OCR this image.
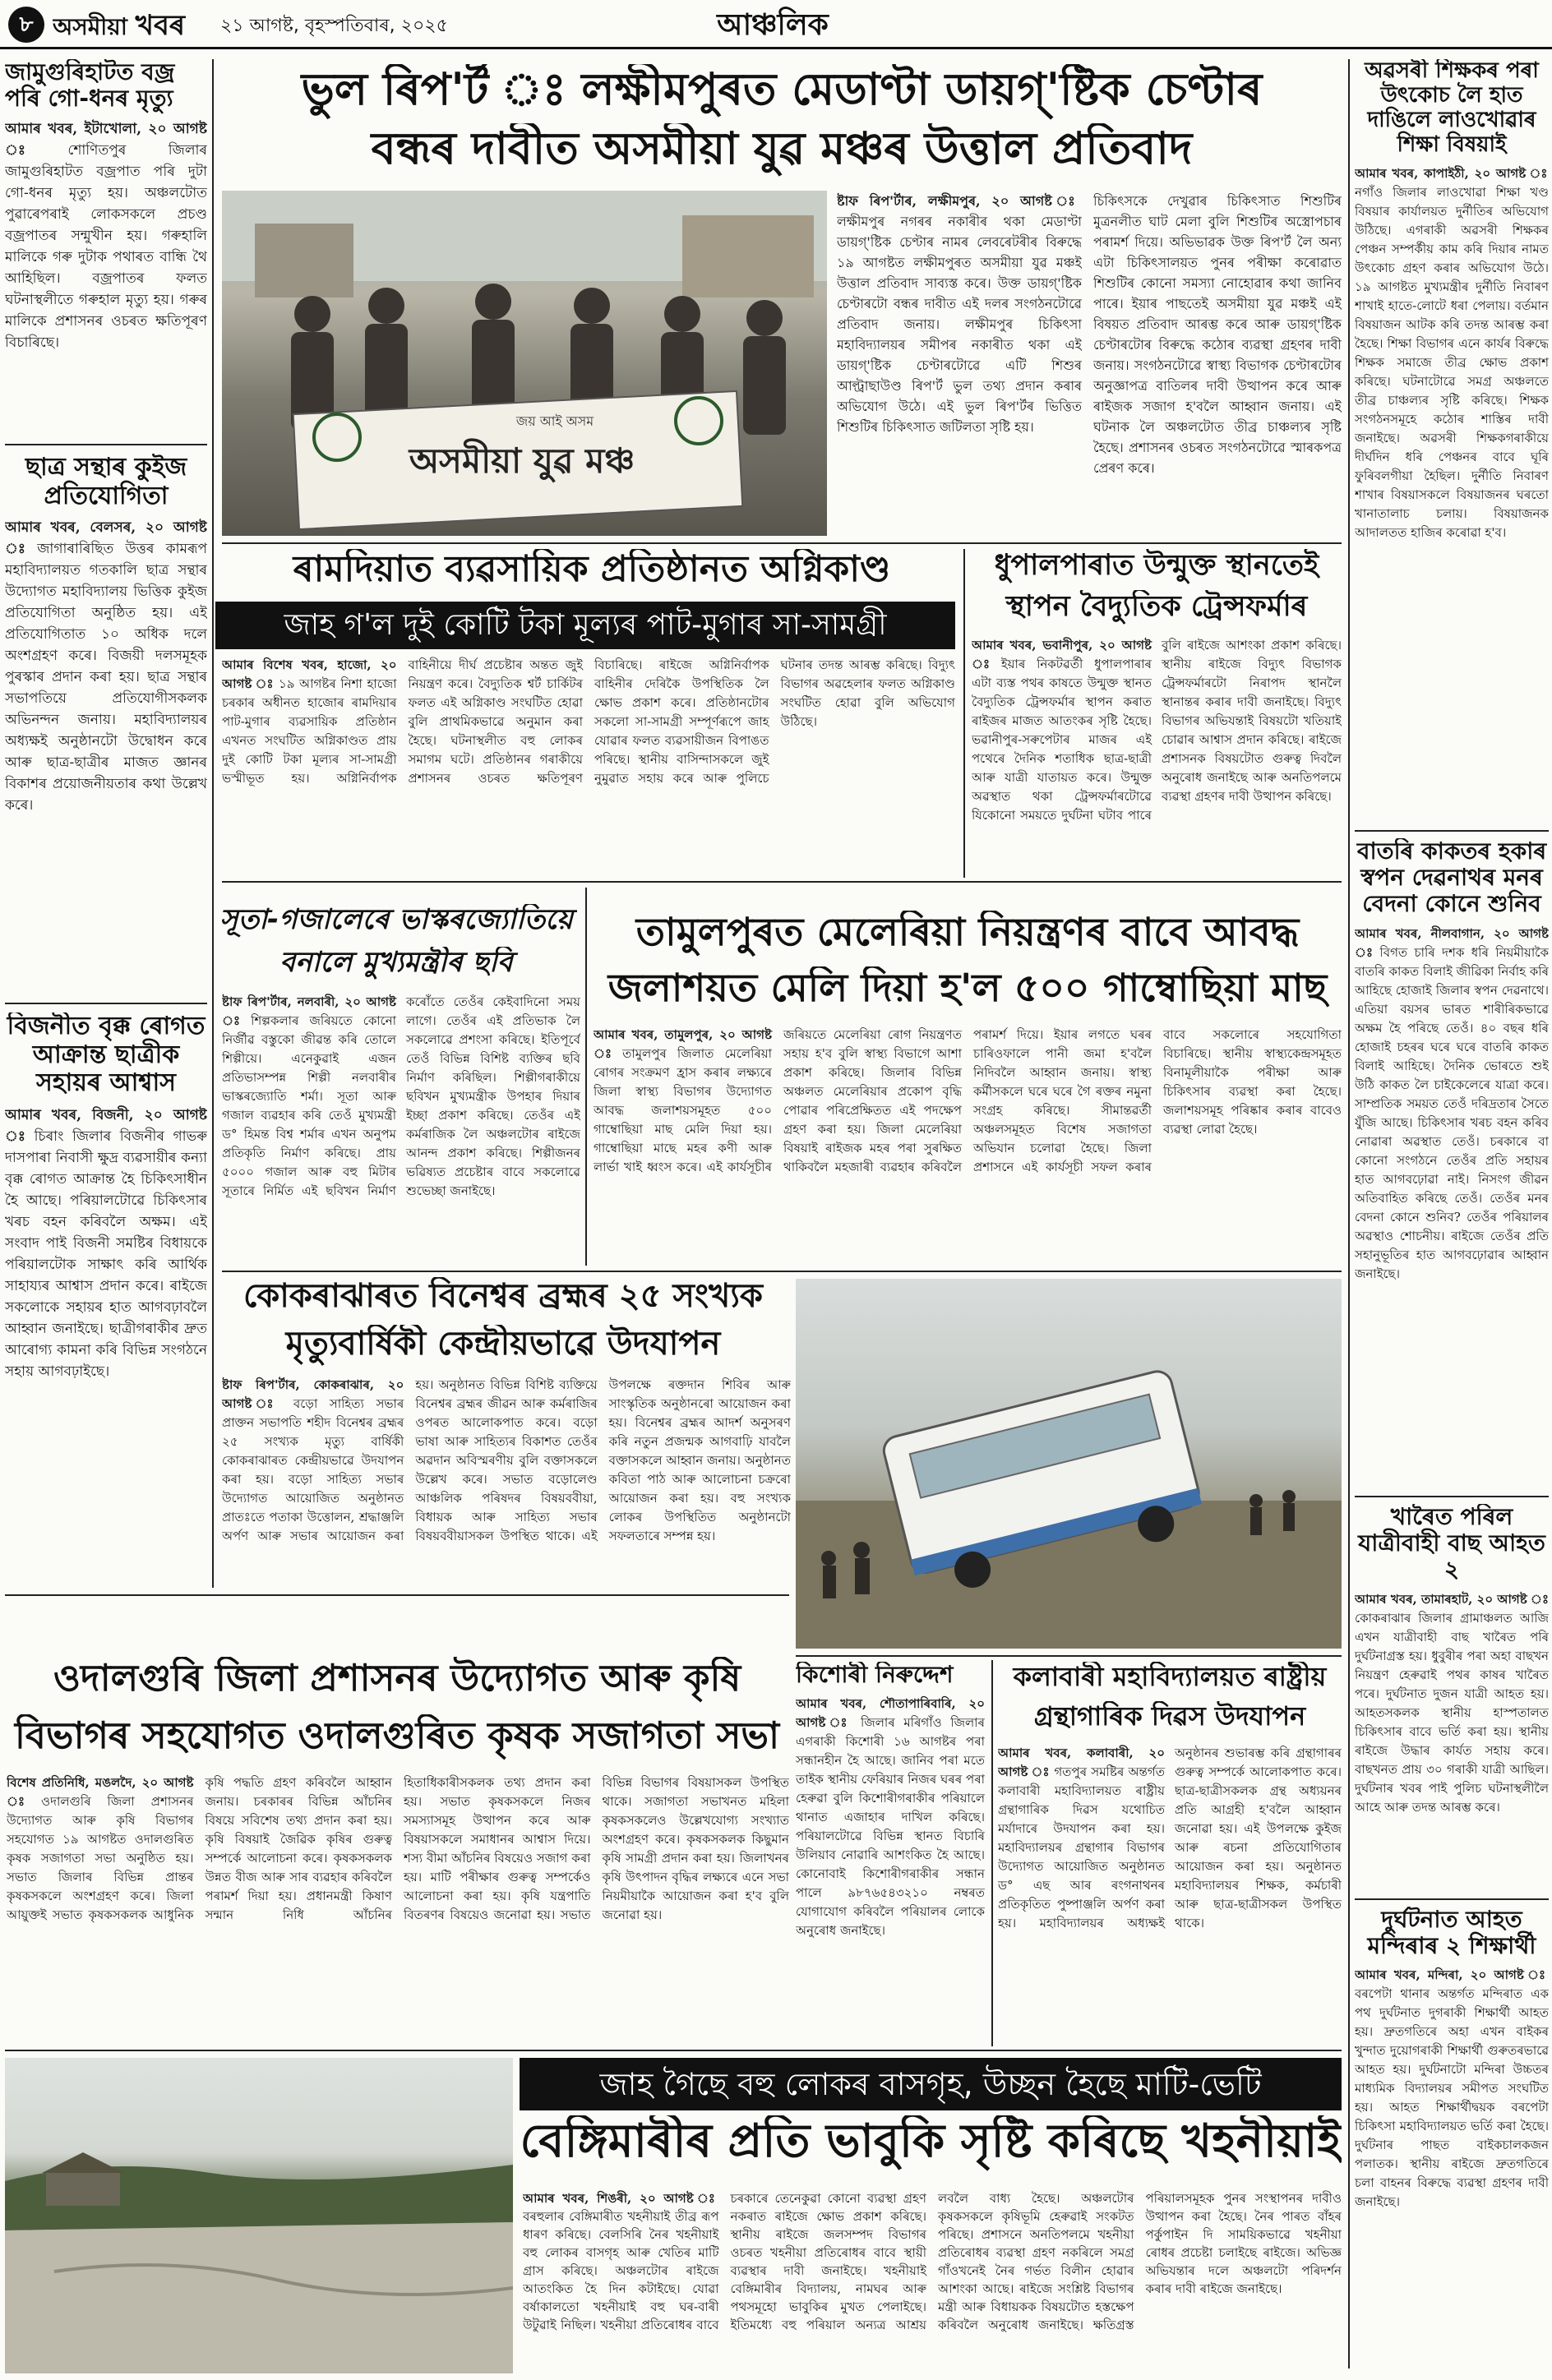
৮ অসমীয়া খবৰ	২১ আগষ্ট, বৃহস্পতিবাৰ, ২০২৫	আঞ্চলিক
জামুগুৰিহাটত বজ্ৰ পৰি গো-ধনৰ মৃত্যু
আমাৰ খবৰ, ইটাখোলা, ২০ আগষ্ট ঃ	শোণিতপুৰ জিলাৰ জামুগুৰিহাটত বজ্ৰপাত পৰি দুটা গো-ধনৰ মৃত্যু হয়। অঞ্চলটোত পুৱাৰেপৰাই লোকসকলে প্ৰচণ্ড বজ্ৰপাতৰ সন্মুখীন হয়। গৰুহালি মালিকে গৰু দুটাক পথাৰত বান্ধি থৈ আহিছিল। বজ্ৰপাতৰ ফলত ঘটনাস্থলীতে গৰুহাল মৃত্যু হয়। গৰুৰ মালিকে প্ৰশাসনৰ ওচৰত ক্ষতিপূৰণ বিচাৰিছে।
ছাত্ৰ সন্থাৰ কুইজ প্ৰতিযোগিতা
আমাৰ খবৰ, বেলসৰ, ২০ আগষ্ট ঃ জাগাৰাৰিছিত উত্তৰ কামৰূপ মহাবিদ্যালয়ত গতকালি ছাত্ৰ সন্থাৰ উদ্যোগত মহাবিদ্যালয় ভিত্তিক কুইজ প্ৰতিযোগিতা অনুষ্ঠিত হয়। এই প্ৰতিযোগিতাত ১০ অধিক দলে অংশগ্ৰহণ কৰে। বিজয়ী দলসমূহক পুৰস্কাৰ প্ৰদান কৰা হয়। ছাত্ৰ সন্থাৰ সভাপতিয়ে প্ৰতিযোগীসকলক অভিনন্দন জনায়। মহাবিদ্যালয়ৰ অধ্যক্ষই অনুষ্ঠানটো উদ্বোধন কৰে আৰু ছাত্ৰ-ছাত্ৰীৰ মাজত জ্ঞানৰ বিকাশৰ প্ৰয়োজনীয়তাৰ কথা উল্লেখ কৰে।
বিজনীত বৃক্ক ৰোগত আক্ৰান্ত ছাত্ৰীক সহায়ৰ আশ্বাস
আমাৰ খবৰ, বিজনী, ২০ আগষ্ট ঃ চিৰাং জিলাৰ বিজনীৰ গাভৰু দাসপাৰা নিবাসী ক্ষুদ্ৰ ব্যৱসায়ীৰ কন্যা বৃক্ক ৰোগত আক্ৰান্ত হৈ চিকিৎসাধীন হৈ আছে। পৰিয়ালটোৱে চিকিৎসাৰ খৰচ বহন কৰিবলৈ অক্ষম। এই সংবাদ পাই বিজনী সমষ্টিৰ বিধায়কে পৰিয়ালটোক সাক্ষাৎ কৰি আৰ্থিক সাহায্যৰ আশ্বাস প্ৰদান কৰে। ৰাইজে সকলোকে সহায়ৰ হাত আগবঢ়াবলৈ আহ্বান জনাইছে। ছাত্ৰীগৰাকীৰ দ্ৰুত আৰোগ্য কামনা কৰি বিভিন্ন সংগঠনে সহায় আগবঢ়াইছে।
ভুল ৰিপ'ৰ্ট ঃ লক্ষীমপুৰত মেডাণ্টা ডায়গ্'ষ্টিক চেণ্টাৰ
বন্ধৰ দাবীত অসমীয়া যুৱ মঞ্চৰ উত্তাল প্ৰতিবাদ
জয় আই অসম
অসমীয়া যুৱ মঞ্চ
ষ্টাফ ৰিপ'ৰ্টাৰ, লক্ষীমপুৰ, ২০ আগষ্ট ঃ লক্ষীমপুৰ নগৰৰ নকাৰীৰ থকা মেডাণ্টা ডায়গ্'ষ্টিক চেণ্টাৰ নামৰ লেবৰেটৰীৰ বিৰুদ্ধে ১৯ আগষ্টত লক্ষীমপুৰত অসমীয়া যুৱ মঞ্চই উত্তাল প্ৰতিবাদ সাব্যস্ত কৰে। উক্ত ডায়গ্'ষ্টিক চেণ্টাৰটো বন্ধৰ দাবীত এই দলৰ সংগঠনটোৱে প্ৰতিবাদ জনায়। লক্ষীমপুৰ চিকিৎসা মহাবিদ্যালয়ৰ সমীপৰ নকাৰীত থকা এই ডায়গ্'ষ্টিক চেণ্টাৰটোৱে এটি শিশুৰ আল্ট্ৰাছাউণ্ড ৰিপ'ৰ্ট ভুল তথ্য প্ৰদান কৰাৰ অভিযোগ উঠে। এই ভুল ৰিপ'ৰ্টৰ ভিত্তিত শিশুটিৰ চিকিৎসাত জটিলতা সৃষ্টি হয়।
চিকিৎসকে দেখুৱাৰ চিকিৎসাত শিশুটিৰ মুত্ৰনলীত ঘাট মেলা বুলি শিশুটিৰ অস্ত্ৰোপচাৰ পৰামৰ্শ দিয়ে। অভিভাৱক উক্ত ৰিপ'ৰ্ট লৈ অন্য এটা চিকিৎসালয়ত পুনৰ পৰীক্ষা কৰোৱাত শিশুটিৰ কোনো সমস্যা নোহোৱাৰ কথা জানিব পাৰে। ইয়াৰ পাছতেই অসমীয়া যুৱ মঞ্চই এই বিষয়ত প্ৰতিবাদ আৰম্ভ কৰে আৰু ডায়গ্'ষ্টিক চেণ্টাৰটোৰ বিৰুদ্ধে কঠোৰ ব্যৱস্থা গ্ৰহণৰ দাবী জনায়। সংগঠনটোৱে স্বাস্থ্য বিভাগক চেণ্টাৰটোৰ অনুজ্ঞাপত্ৰ বাতিলৰ দাবী উত্থাপন কৰে আৰু ৰাইজক সজাগ হ'বলৈ আহ্বান জনায়। এই ঘটনাক লৈ অঞ্চলটোত তীব্ৰ চাঞ্চল্যৰ সৃষ্টি হৈছে। প্ৰশাসনৰ ওচৰত সংগঠনটোৱে স্মাৰকপত্ৰ প্ৰেৰণ কৰে।
ৰামদিয়াত ব্যৱসায়িক প্ৰতিষ্ঠানত অগ্নিকাণ্ড
জাহ গ'ল দুই কোটি টকা মূল্যৰ পাট-মুগাৰ সা-সামগ্ৰী
আমাৰ বিশেষ খবৰ, হাজো, ২০ আগষ্ট ঃ ১৯ আগষ্টৰ নিশা হাজো চৰকাৰ অধীনত হাজোৰ ৰামদিয়াৰ পাট-মুগাৰ ব্যৱসায়িক প্ৰতিষ্ঠান এখনত সংঘটিত অগ্নিকাণ্ডত প্ৰায় দুই কোটি টকা মূল্যৰ সা-সামগ্ৰী ভস্মীভূত হয়। অগ্নিনিৰ্বাপক বাহিনীয়ে দীৰ্ঘ প্ৰচেষ্টাৰ অন্তত জুই নিয়ন্ত্ৰণ কৰে। বৈদ্যুতিক শ্বৰ্ট চাৰ্কিটৰ ফলত এই অগ্নিকাণ্ড সংঘটিত হোৱা বুলি প্ৰাথমিকভাৱে অনুমান কৰা হৈছে। ঘটনাস্থলীত বহু লোকৰ সমাগম ঘটে। প্ৰতিষ্ঠানৰ গৰাকীয়ে প্ৰশাসনৰ ওচৰত ক্ষতিপূৰণ বিচাৰিছে। ৰাইজে অগ্নিনিৰ্বাপক বাহিনীৰ দেৰিকৈ উপস্থিতিক লৈ ক্ষোভ প্ৰকাশ কৰে। প্ৰতিষ্ঠানটোৰ সকলো সা-সামগ্ৰী সম্পূৰ্ণৰূপে জাহ যোৱাৰ ফলত ব্যৱসায়ীজন বিপাঙত পৰিছে। স্থানীয় বাসিন্দাসকলে জুই নুমুৱাত সহায় কৰে আৰু পুলিচে ঘটনাৰ তদন্ত আৰম্ভ কৰিছে। বিদ্যুৎ বিভাগৰ অৱহেলাৰ ফলত অগ্নিকাণ্ড সংঘটিত হোৱা বুলি অভিযোগ উঠিছে।
ধুপালপাৰাত উন্মুক্ত স্থানতেই
স্থাপন বৈদ্যুতিক ট্ৰেন্সফৰ্মাৰ
আমাৰ খবৰ, ভবানীপুৰ, ২০ আগষ্ট ঃ ইয়াৰ নিকটৱৰ্তী ধুপালপাৰাৰ এটা ব্যস্ত পথৰ কাষতে উন্মুক্ত স্থানত বৈদ্যুতিক ট্ৰেন্সফৰ্মাৰ স্থাপন কৰাত ৰাইজৰ মাজত আতংকৰ সৃষ্টি হৈছে। ভৱানীপুৰ-সৰুপেটাৰ মাজৰ এই পথেৰে দৈনিক শতাধিক ছাত্ৰ-ছাত্ৰী আৰু যাত্ৰী যাতায়ত কৰে। উন্মুক্ত অৱস্থাত থকা ট্ৰেন্সফৰ্মাৰটোৱে যিকোনো সময়তে দুৰ্ঘটনা ঘটাব পাৰে বুলি ৰাইজে আশংকা প্ৰকাশ কৰিছে। স্থানীয় ৰাইজে বিদ্যুৎ বিভাগক ট্ৰেন্সফৰ্মাৰটো নিৰাপদ স্থানলৈ স্থানান্তৰ কৰাৰ দাবী জনাইছে। বিদ্যুৎ বিভাগৰ অভিযন্তাই বিষয়টো খতিয়াই চোৱাৰ আশ্বাস প্ৰদান কৰিছে। ৰাইজে প্ৰশাসনক বিষয়টোত গুৰুত্ব দিবলৈ অনুৰোধ জনাইছে আৰু অনতিপলমে ব্যৱস্থা গ্ৰহণৰ দাবী উত্থাপন কৰিছে।
সূতা-গজালেৰে ভাস্কৰজ্যোতিয়ে
বনালে মুখ্যমন্ত্ৰীৰ ছবি
ষ্টাফ ৰিপ'ৰ্টাৰ, নলবাৰী, ২০ আগষ্ট ঃ শিল্পকলাৰ জৰিয়তে কোনো নিৰ্জীৱ বস্তুকো জীৱন্ত কৰি তোলে শিল্পীয়ে। এনেকুৱাই এজন প্ৰতিভাসম্পন্ন শিল্পী নলবাৰীৰ ভাস্কৰজ্যোতি শৰ্মা। সূতা আৰু গজাল ব্যৱহাৰ কৰি তেওঁ মুখ্যমন্ত্ৰী ড° হিমন্ত বিশ্ব শৰ্মাৰ এখন অনুপম প্ৰতিকৃতি নিৰ্মাণ কৰিছে। প্ৰায় ৫০০০ গজাল আৰু বহু মিটাৰ সূতাৰে নিৰ্মিত এই ছবিখন নিৰ্মাণ কৰোঁতে তেওঁৰ কেইবাদিনো সময় লাগে। তেওঁৰ এই প্ৰতিভাক লৈ সকলোৱে প্ৰশংসা কৰিছে। ইতিপূৰ্বে তেওঁ বিভিন্ন বিশিষ্ট ব্যক্তিৰ ছবি নিৰ্মাণ কৰিছিল। শিল্পীগৰাকীয়ে ছবিখন মুখ্যমন্ত্ৰীক উপহাৰ দিয়াৰ ইচ্ছা প্ৰকাশ কৰিছে। তেওঁৰ এই কৰ্মৰাজিক লৈ অঞ্চলটোৰ ৰাইজে আনন্দ প্ৰকাশ কৰিছে। শিল্পীজনৰ ভৱিষ্যত প্ৰচেষ্টাৰ বাবে সকলোৱে শুভেচ্ছা জনাইছে।
তামুলপুৰত মেলেৰিয়া নিয়ন্ত্ৰণৰ বাবে আবদ্ধ
জলাশয়ত মেলি দিয়া হ'ল ৫০০ গাম্বোছিয়া মাছ
আমাৰ খবৰ, তামুলপুৰ, ২০ আগষ্ট ঃ তামুলপুৰ জিলাত মেলেৰিয়া ৰোগৰ সংক্ৰমণ হ্ৰাস কৰাৰ লক্ষ্যৰে জিলা স্বাস্থ্য বিভাগৰ উদ্যোগত আবদ্ধ জলাশয়সমূহত ৫০০ গাম্বোছিয়া মাছ মেলি দিয়া হয়। গাম্বোছিয়া মাছে মহৰ কণী আৰু লাৰ্ভা খাই ধ্বংস কৰে। এই কাৰ্যসূচীৰ জৰিয়তে মেলেৰিয়া ৰোগ নিয়ন্ত্ৰণত সহায় হ'ব বুলি স্বাস্থ্য বিভাগে আশা প্ৰকাশ কৰিছে। জিলাৰ বিভিন্ন অঞ্চলত মেলেৰিয়াৰ প্ৰকোপ বৃদ্ধি পোৱাৰ পৰিপ্ৰেক্ষিতত এই পদক্ষেপ গ্ৰহণ কৰা হয়। জিলা মেলেৰিয়া বিষয়াই ৰাইজক মহৰ পৰা সুৰক্ষিত থাকিবলৈ মহজাৰী ব্যৱহাৰ কৰিবলৈ পৰামৰ্শ দিয়ে। ইয়াৰ লগতে ঘৰৰ চাৰিওফালে পানী জমা হ'বলৈ নিদিবলৈ আহ্বান জনায়। স্বাস্থ্য কৰ্মীসকলে ঘৰে ঘৰে গৈ ৰক্তৰ নমুনা সংগ্ৰহ কৰিছে। সীমান্তৱৰ্তী অঞ্চলসমূহত বিশেষ সজাগতা অভিযান চলোৱা হৈছে। জিলা প্ৰশাসনে এই কাৰ্যসূচী সফল কৰাৰ বাবে সকলোৰে সহযোগিতা বিচাৰিছে। স্থানীয় স্বাস্থ্যকেন্দ্ৰসমূহত বিনামূলীয়াকৈ পৰীক্ষা আৰু চিকিৎসাৰ ব্যৱস্থা কৰা হৈছে। জলাশয়সমূহ পৰিষ্কাৰ কৰাৰ বাবেও ব্যৱস্থা লোৱা হৈছে।
কোকৰাঝাৰত বিনেশ্বৰ ব্ৰহ্মৰ ২৫ সংখ্যক
মৃত্যুবাৰ্ষিকী কেন্দ্ৰীয়ভাৱে উদযাপন
ষ্টাফ ৰিপ'ৰ্টাৰ, কোকৰাঝাৰ, ২০ আগষ্ট ঃ বড়ো সাহিত্য সভাৰ প্ৰাক্তন সভাপতি শহীদ বিনেশ্বৰ ব্ৰহ্মৰ ২৫ সংখ্যক মৃত্যু বাৰ্ষিকী কোকৰাঝাৰত কেন্দ্ৰীয়ভাৱে উদযাপন কৰা হয়। বড়ো সাহিত্য সভাৰ উদ্যোগত আয়োজিত অনুষ্ঠানত প্ৰাতঃতে পতাকা উত্তোলন, শ্ৰদ্ধাঞ্জলি অৰ্পণ আৰু সভাৰ আয়োজন কৰা হয়। অনুষ্ঠানত বিভিন্ন বিশিষ্ট ব্যক্তিয়ে বিনেশ্বৰ ব্ৰহ্মৰ জীৱন আৰু কৰ্মৰাজিৰ ওপৰত আলোকপাত কৰে। বড়ো ভাষা আৰু সাহিত্যৰ বিকাশত তেওঁৰ অৱদান অবিস্মৰণীয় বুলি বক্তাসকলে উল্লেখ কৰে। সভাত বড়োলেণ্ড আঞ্চলিক পৰিষদৰ বিষয়ববীয়া, বিধায়ক আৰু সাহিত্য সভাৰ বিষয়ববীয়াসকল উপস্থিত থাকে। এই উপলক্ষে ৰক্তদান শিবিৰ আৰু সাংস্কৃতিক অনুষ্ঠানৰো আয়োজন কৰা হয়। বিনেশ্বৰ ব্ৰহ্মৰ আদৰ্শ অনুসৰণ কৰি নতুন প্ৰজন্মক আগবাঢ়ি যাবলৈ বক্তাসকলে আহ্বান জনায়। অনুষ্ঠানত কবিতা পাঠ আৰু আলোচনা চক্ৰৰো আয়োজন কৰা হয়। বহু সংখ্যক লোকৰ উপস্থিতিত অনুষ্ঠানটো সফলতাৰে সম্পন্ন হয়।
কিশোৰী নিৰুদ্দেশ
আমাৰ খবৰ, শৌতাপাৰিবাৰি, ২০ আগষ্ট ঃ জিলাৰ মৰিগাঁও জিলাৰ এগৰাকী কিশোৰী ১৬ আগষ্টৰ পৰা সন্ধানহীন হৈ আছে। জানিব পৰা মতে তাইক স্থানীয় ফেৰিয়াৰ নিজৰ ঘৰৰ পৰা হেৰুৱা বুলি কিশোৰীগৰাকীৰ পৰিয়ালে থানাত এজাহাৰ দাখিল কৰিছে। পৰিয়ালটোৱে বিভিন্ন স্থানত বিচাৰি উলিয়াব নোৱাৰি আশংকিত হৈ আছে। কোনোবাই কিশোৰীগৰাকীৰ সন্ধান পালে ৯৮৭৬৫৪৩২১০ নম্বৰত যোগাযোগ কৰিবলৈ পৰিয়ালৰ লোকে অনুৰোধ জনাইছে।
কলাবাৰী মহাবিদ্যালয়ত ৰাষ্ট্ৰীয়
গ্ৰন্থাগাৰিক দিৱস উদযাপন
আমাৰ খবৰ, কলাবাৰী, ২০ আগষ্ট ঃ গতপুৰ সমষ্টিৰ অন্তৰ্গত কলাবাৰী মহাবিদ্যালয়ত ৰাষ্ট্ৰীয় গ্ৰন্থাগাৰিক দিৱস যথোচিত মৰ্যাদাৰে উদযাপন কৰা হয়। মহাবিদ্যালয়ৰ গ্ৰন্থাগাৰ বিভাগৰ উদ্যোগত আয়োজিত অনুষ্ঠানত ড° এছ আৰ ৰংগনাথনৰ প্ৰতিকৃতিত পুষ্পাঞ্জলি অৰ্পণ কৰা হয়। মহাবিদ্যালয়ৰ অধ্যক্ষই অনুষ্ঠানৰ শুভাৰম্ভ কৰি গ্ৰন্থাগাৰৰ গুৰুত্ব সম্পৰ্কে আলোকপাত কৰে। ছাত্ৰ-ছাত্ৰীসকলক গ্ৰন্থ অধ্যয়নৰ প্ৰতি আগ্ৰহী হ'বলৈ আহ্বান জনোৱা হয়। এই উপলক্ষে কুইজ আৰু ৰচনা প্ৰতিযোগিতাৰ আয়োজন কৰা হয়। অনুষ্ঠানত মহাবিদ্যালয়ৰ শিক্ষক, কৰ্মচাৰী আৰু ছাত্ৰ-ছাত্ৰীসকল উপস্থিত থাকে।
ওদালগুৰি জিলা প্ৰশাসনৰ উদ্যোগত আৰু কৃষি
বিভাগৰ সহযোগত ওদালগুৰিত কৃষক সজাগতা সভা
বিশেষ প্ৰতিনিধি, মঙলদৈ, ২০ আগষ্ট ঃ ওদালগুৰি জিলা প্ৰশাসনৰ উদ্যোগত আৰু কৃষি বিভাগৰ সহযোগত ১৯ আগষ্টত ওদালগুৰিত কৃষক সজাগতা সভা অনুষ্ঠিত হয়। সভাত জিলাৰ বিভিন্ন প্ৰান্তৰ কৃষকসকলে অংশগ্ৰহণ কৰে। জিলা আয়ুক্তই সভাত কৃষকসকলক আধুনিক কৃষি পদ্ধতি গ্ৰহণ কৰিবলৈ আহ্বান জনায়। চৰকাৰৰ বিভিন্ন আঁচনিৰ বিষয়ে সবিশেষ তথ্য প্ৰদান কৰা হয়। কৃষি বিষয়াই জৈৱিক কৃষিৰ গুৰুত্ব সম্পৰ্কে আলোচনা কৰে। কৃষকসকলক উন্নত বীজ আৰু সাৰ ব্যৱহাৰ কৰিবলৈ পৰামৰ্শ দিয়া হয়। প্ৰধানমন্ত্ৰী কিষাণ সন্মান নিধি আঁচনিৰ হিতাধিকাৰীসকলক তথ্য প্ৰদান কৰা হয়। সভাত কৃষকসকলে নিজৰ সমস্যাসমূহ উত্থাপন কৰে আৰু বিষয়াসকলে সমাধানৰ আশ্বাস দিয়ে। শস্য বীমা আঁচনিৰ বিষয়েও সজাগ কৰা হয়। মাটি পৰীক্ষাৰ গুৰুত্ব সম্পৰ্কেও আলোচনা কৰা হয়। কৃষি যন্ত্ৰপাতি বিতৰণৰ বিষয়েও জনোৱা হয়। সভাত বিভিন্ন বিভাগৰ বিষয়াসকল উপস্থিত থাকে। সজাগতা সভাখনত মহিলা কৃষকসকলেও উল্লেখযোগ্য সংখ্যাত অংশগ্ৰহণ কৰে। কৃষকসকলক কিছুমান কৃষি সামগ্ৰী প্ৰদান কৰা হয়। জিলাখনৰ কৃষি উৎপাদন বৃদ্ধিৰ লক্ষ্যৰে এনে সভা নিয়মীয়াকৈ আয়োজন কৰা হ'ব বুলি জনোৱা হয়।
জাহ গৈছে বহু লোকৰ বাসগৃহ, উচ্ছন হৈছে মাটি-ভেটি
বেঙ্গিমাৰীৰ প্ৰতি ভাবুকি সৃষ্টি কৰিছে খহনীয়াই
আমাৰ খবৰ, শিঙৰী, ২০ আগষ্ট ঃ বৰহুলাৰ বেঙ্গিমাৰীত খহনীয়াই তীব্ৰ ৰূপ ধাৰণ কৰিছে। বেলসিৰি নৈৰ খহনীয়াই বহু লোকৰ বাসগৃহ আৰু খেতিৰ মাটি গ্ৰাস কৰিছে। অঞ্চলটোৰ ৰাইজে আতংকিত হৈ দিন কটাইছে। যোৱা বৰ্ষাকালতো খহনীয়াই বহু ঘৰ-বাৰী উটুৱাই নিছিল। খহনীয়া প্ৰতিৰোধৰ বাবে চৰকাৰে তেনেকুৱা কোনো ব্যৱস্থা গ্ৰহণ নকৰাত ৰাইজে ক্ষোভ প্ৰকাশ কৰিছে। স্থানীয় ৰাইজে জলসম্পদ বিভাগৰ ওচৰত খহনীয়া প্ৰতিৰোধৰ বাবে স্থায়ী ব্যৱস্থাৰ দাবী জনাইছে। খহনীয়াই বেঙ্গিমাৰীৰ বিদ্যালয়, নামঘৰ আৰু পথসমূহো ভাবুকিৰ মুখত পেলাইছে। ইতিমধ্যে বহু পৰিয়াল অন্যত্ৰ আশ্ৰয় লবলৈ বাধ্য হৈছে। অঞ্চলটোৰ কৃষকসকলে কৃষিভূমি হেৰুৱাই সংকটত পৰিছে। প্ৰশাসনে অনতিপলমে খহনীয়া প্ৰতিৰোধৰ ব্যৱস্থা গ্ৰহণ নকৰিলে সমগ্ৰ গাঁওখনেই নৈৰ গৰ্ভত বিলীন হোৱাৰ আশংকা আছে। ৰাইজে সংশ্লিষ্ট বিভাগৰ মন্ত্ৰী আৰু বিধায়কক বিষয়টোত হস্তক্ষেপ কৰিবলৈ অনুৰোধ জনাইছে। ক্ষতিগ্ৰস্ত পৰিয়ালসমূহক পুনৰ সংস্থাপনৰ দাবীও উত্থাপন কৰা হৈছে। নৈৰ পাৰত বাঁহৰ পৰ্কুপাইন দি সাময়িকভাৱে খহনীয়া ৰোধৰ প্ৰচেষ্টা চলাইছে ৰাইজে। অভিজ্ঞ অভিযন্তাৰ দলে অঞ্চলটো পৰিদৰ্শন কৰাৰ দাবী ৰাইজে জনাইছে।
অৱসৰী শিক্ষকৰ পৰা উৎকোচ লৈ হাত দাঙিলে লাওখোৱাৰ শিক্ষা বিষয়াই
আমাৰ খবৰ, কাপাইঠী, ২০ আগষ্ট ঃ নগাঁও জিলাৰ লাওখোৱা শিক্ষা খণ্ড বিষয়াৰ কাৰ্যালয়ত দুৰ্নীতিৰ অভিযোগ উঠিছে। এগৰাকী অৱসৰী শিক্ষকৰ পেঞ্চন সম্পৰ্কীয় কাম কৰি দিয়াৰ নামত উৎকোচ গ্ৰহণ কৰাৰ অভিযোগ উঠে। ১৯ আগষ্টত মুখ্যমন্ত্ৰীৰ দুৰ্নীতি নিবাৰণ শাখাই হাতে-লোটে ধৰা পেলায়। বৰ্তমান বিষয়াজন আটক কৰি তদন্ত আৰম্ভ কৰা হৈছে। শিক্ষা বিভাগৰ এনে কাৰ্যৰ বিৰুদ্ধে শিক্ষক সমাজে তীব্ৰ ক্ষোভ প্ৰকাশ কৰিছে। ঘটনাটোৱে সমগ্ৰ অঞ্চলতে তীব্ৰ চাঞ্চল্যৰ সৃষ্টি কৰিছে। শিক্ষক সংগঠনসমূহে কঠোৰ শাস্তিৰ দাবী জনাইছে। অৱসৰী শিক্ষকগৰাকীয়ে দীৰ্ঘদিন ধৰি পেঞ্চনৰ বাবে ঘূৰি ফুৰিবলগীয়া হৈছিল। দুৰ্নীতি নিবাৰণ শাখাৰ বিষয়াসকলে বিষয়াজনৰ ঘৰতো খানাতালাচ চলায়। বিষয়াজনক আদালতত হাজিৰ কৰোৱা হ'ব।
বাতৰি কাকতৰ হকাৰ স্বপন দেৱনাথৰ মনৰ বেদনা কোনে শুনিব
আমাৰ খবৰ, নীলবাগান, ২০ আগষ্ট ঃ বিগত চাৰি দশক ধৰি নিয়মীয়াকৈ বাতৰি কাকত বিলাই জীৱিকা নিৰ্বাহ কৰি আহিছে হোজাই জিলাৰ স্বপন দেৱনাথে। এতিয়া বয়সৰ ভাৰত শাৰীৰিকভাৱে অক্ষম হৈ পৰিছে তেওঁ। ৪০ বছৰ ধৰি হোজাই চহৰৰ ঘৰে ঘৰে বাতৰি কাকত বিলাই আহিছে। দৈনিক ভোৰতে শুই উঠি কাকত লৈ চাইকেলেৰে যাত্ৰা কৰে। সাম্প্ৰতিক সময়ত তেওঁ দৰিদ্ৰতাৰ সৈতে যুঁজি আছে। চিকিৎসাৰ খৰচ বহন কৰিব নোৱাৰা অৱস্থাত তেওঁ। চৰকাৰে বা কোনো সংগঠনে তেওঁৰ প্ৰতি সহায়ৰ হাত আগবঢ়োৱা নাই। নিসংগ জীৱন অতিবাহিত কৰিছে তেওঁ। তেওঁৰ মনৰ বেদনা কোনে শুনিব? তেওঁৰ পৰিয়ালৰ অৱস্থাও শোচনীয়। ৰাইজে তেওঁৰ প্ৰতি সহানুভূতিৰ হাত আগবঢ়োৱাৰ আহ্বান জনাইছে।
খাৰৈত পৰিল যাত্ৰীবাহী বাছ আহত ২
আমাৰ খবৰ, তামাৰহাট, ২০ আগষ্ট ঃ কোকৰাঝাৰ জিলাৰ গ্ৰামাঞ্চলত আজি এখন যাত্ৰীবাহী বাছ খাৰৈত পৰি দুৰ্ঘটনাগ্ৰস্ত হয়। ধুবুৰীৰ পৰা অহা বাছখন নিয়ন্ত্ৰণ হেৰুৱাই পথৰ কাষৰ খাৰৈত পৰে। দুৰ্ঘটনাত দুজন যাত্ৰী আহত হয়। আহতসকলক স্থানীয় হাস্পতালত চিকিৎসাৰ বাবে ভৰ্তি কৰা হয়। স্থানীয় ৰাইজে উদ্ধাৰ কাৰ্যত সহায় কৰে। বাছখনত প্ৰায় ৩০ গৰাকী যাত্ৰী আছিল। দুৰ্ঘটনাৰ খবৰ পাই পুলিচ ঘটনাস্থলীলৈ আহে আৰু তদন্ত আৰম্ভ কৰে।
দুৰ্ঘটনাত আহত মন্দিৰাৰ ২ শিক্ষাৰ্থী
আমাৰ খবৰ, মন্দিৰা, ২০ আগষ্ট ঃ বৰপেটা থানাৰ অন্তৰ্গত মন্দিৰাত এক পথ দুৰ্ঘটনাত দুগৰাকী শিক্ষাৰ্থী আহত হয়। দ্ৰুতগতিৰে অহা এখন বাইকৰ খুন্দাত দুয়োগৰাকী শিক্ষাৰ্থী গুৰুতৰভাৱে আহত হয়। দুৰ্ঘটনাটো মন্দিৰা উচ্চতৰ মাধ্যমিক বিদ্যালয়ৰ সমীপত সংঘটিত হয়। আহত শিক্ষাৰ্থীদ্বয়ক বৰপেটা চিকিৎসা মহাবিদ্যালয়ত ভৰ্তি কৰা হৈছে। দুৰ্ঘটনাৰ পাছত বাইকচালকজন পলাতক। স্থানীয় ৰাইজে দ্ৰুতগতিৰে চলা বাহনৰ বিৰুদ্ধে ব্যৱস্থা গ্ৰহণৰ দাবী জনাইছে।
